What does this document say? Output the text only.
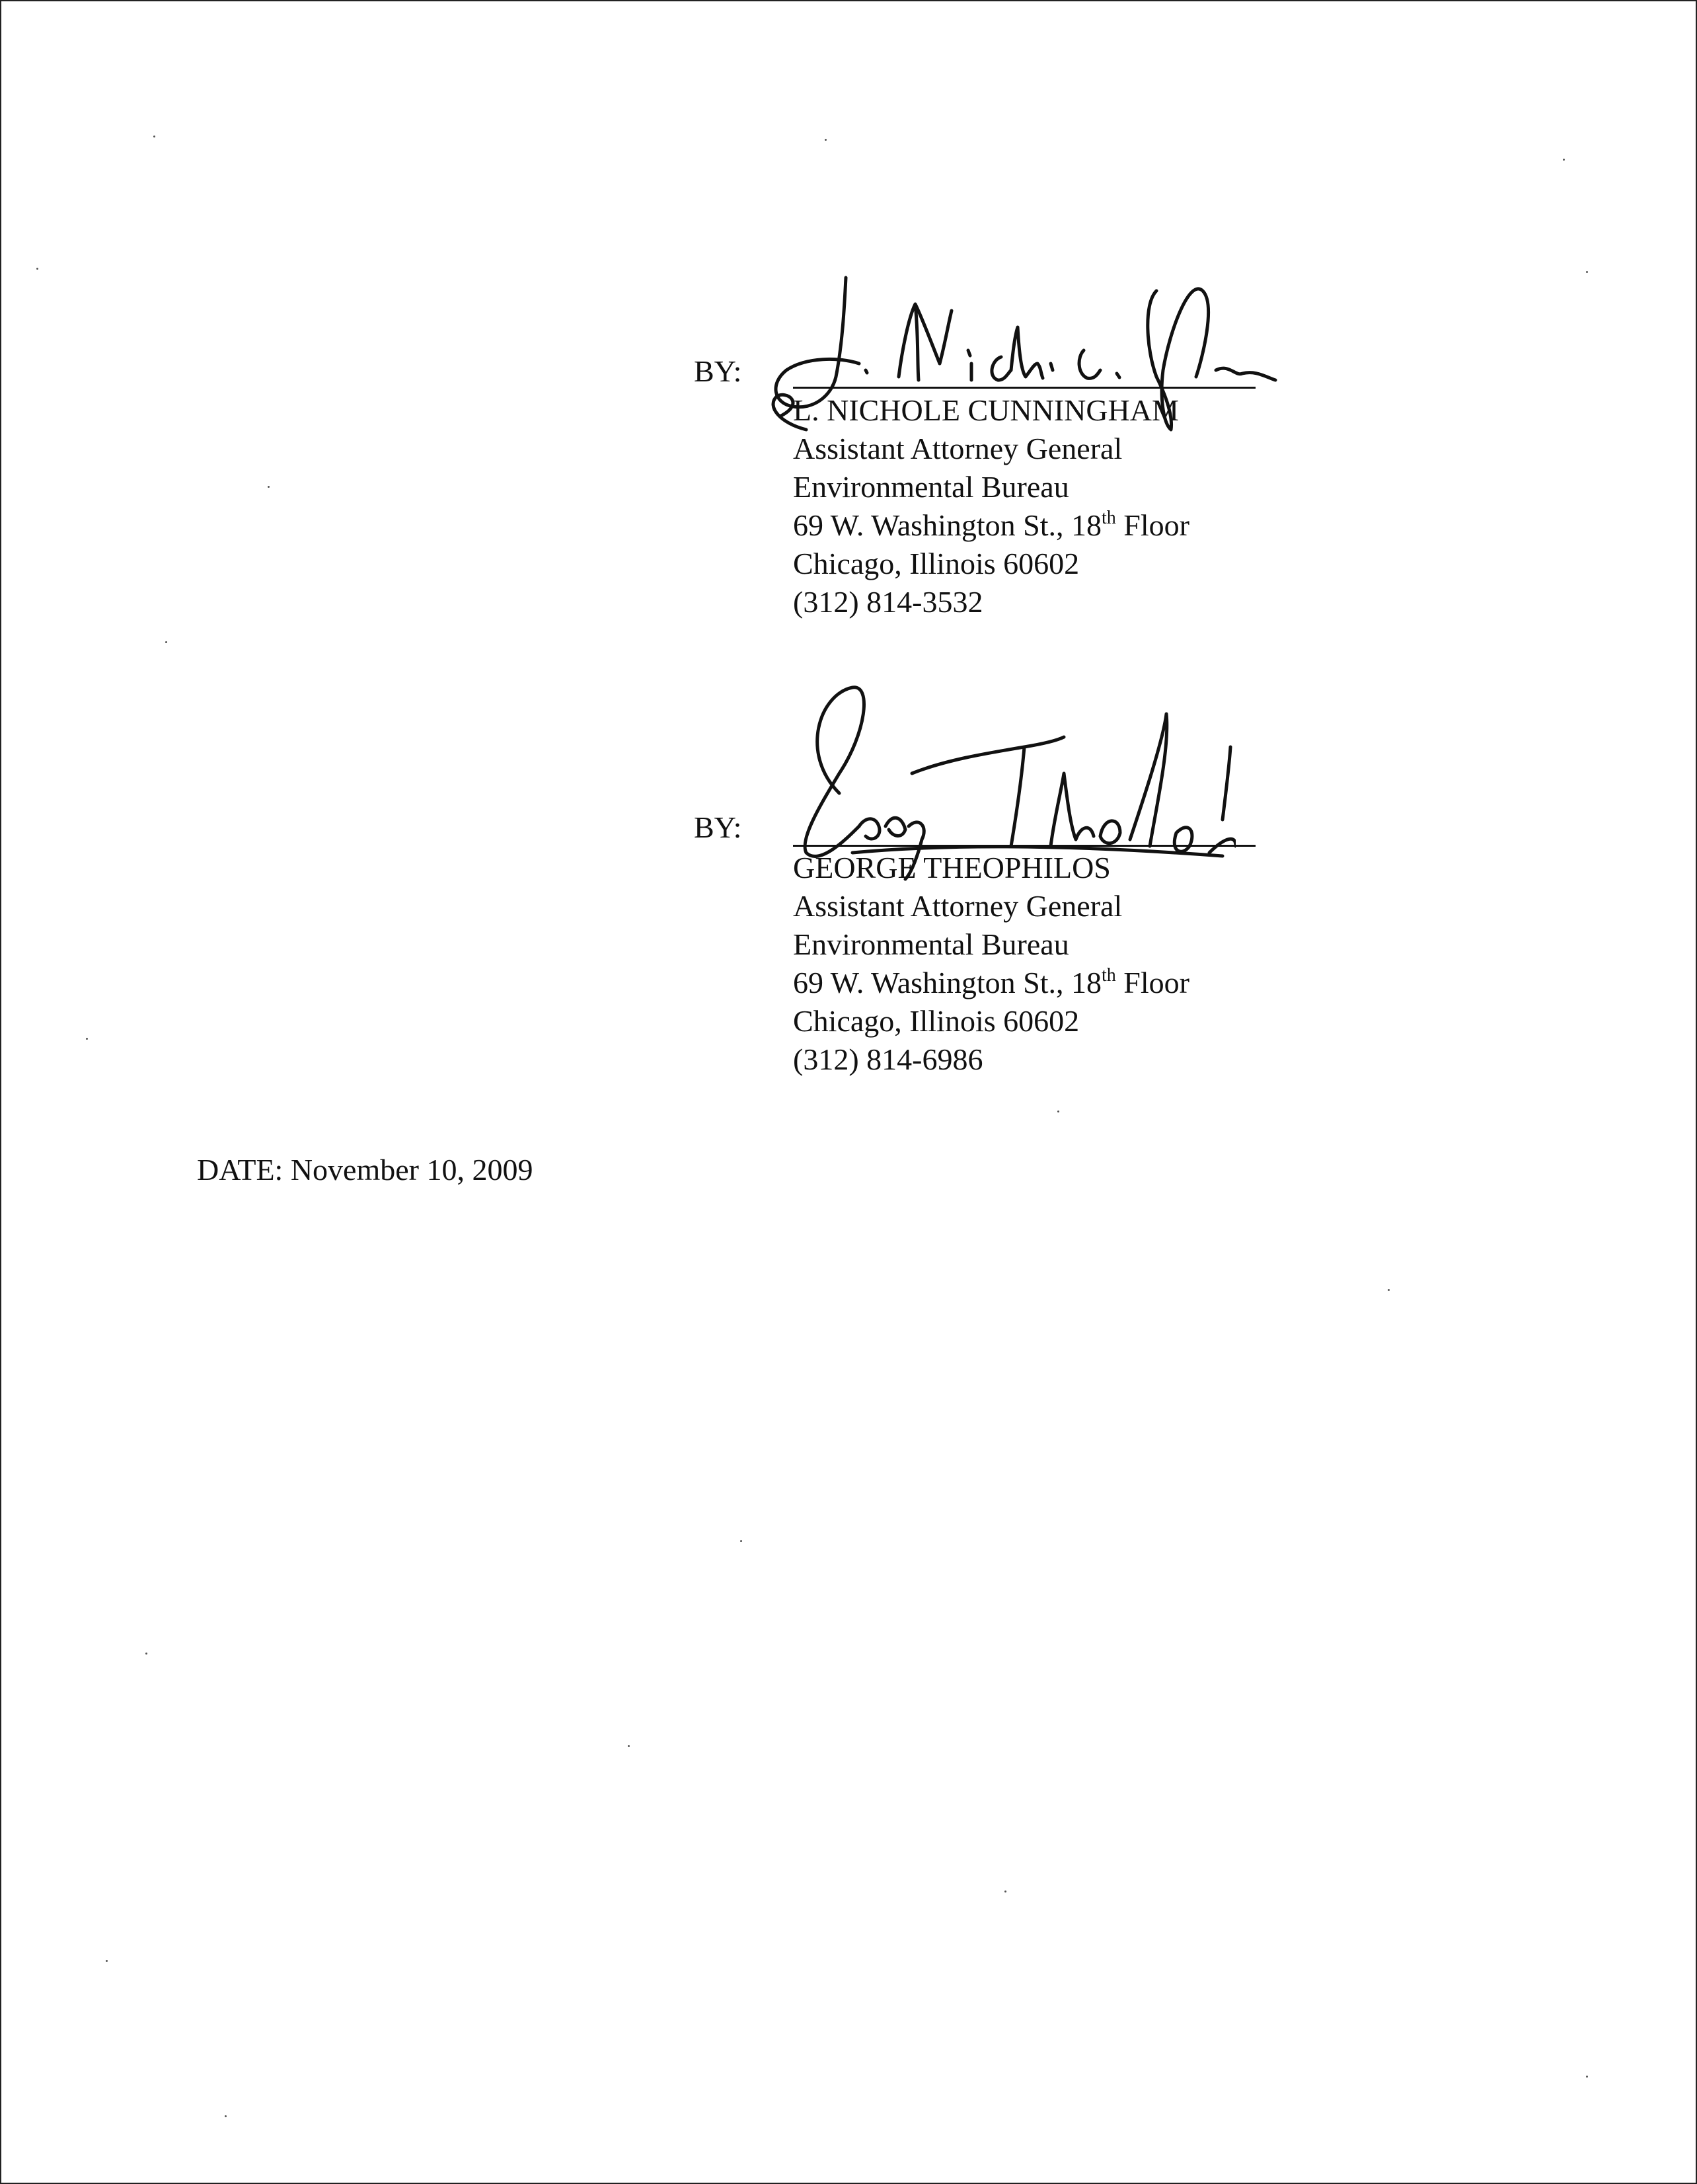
BY:
L. NICHOLE CUNNINGHAM
Assistant Attorney General
Environmental Bureau
69 W. Washington St., 18th Floor
Chicago, Illinois 60602
(312) 814-3532
BY:
GEORGE THEOPHILOS
Assistant Attorney General
Environmental Bureau
69 W. Washington St., 18th Floor
Chicago, Illinois 60602
(312) 814-6986
DATE: November 10, 2009
